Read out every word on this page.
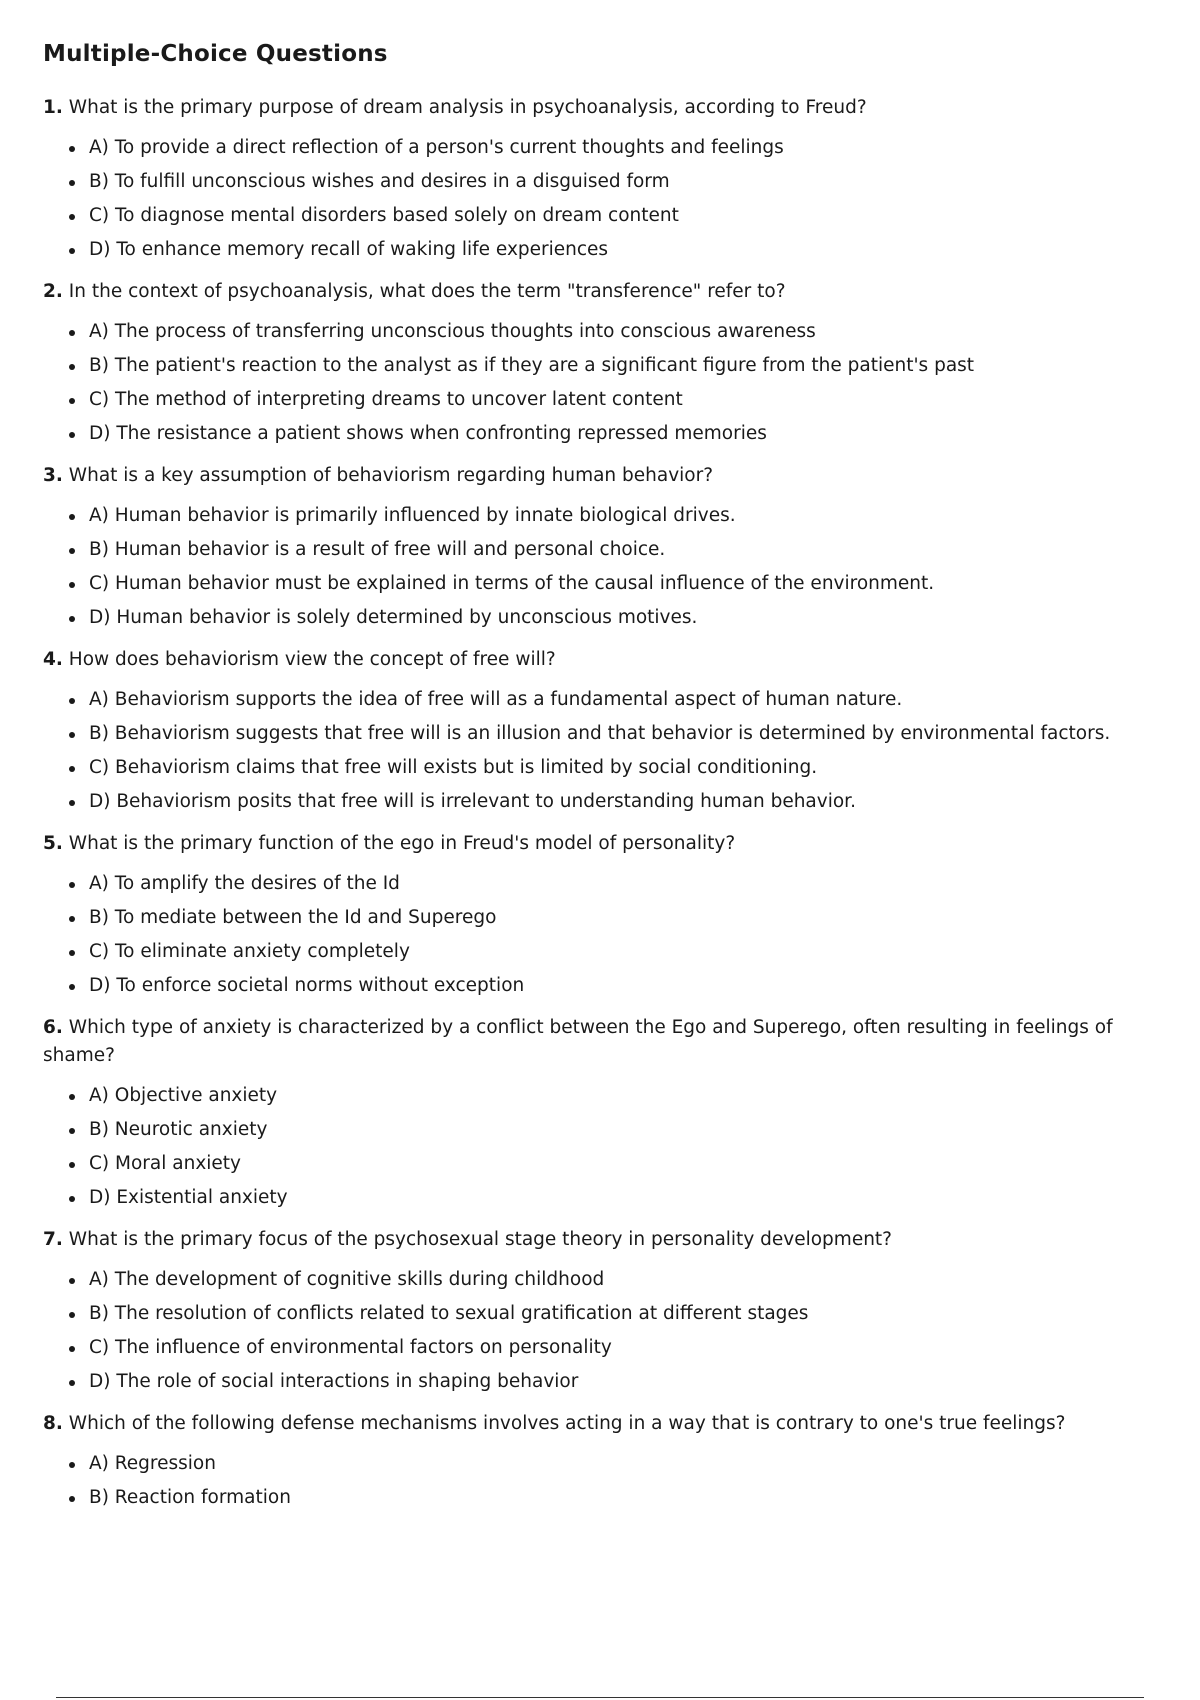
Multiple-Choice Questions

1. What is the primary purpose of dream analysis in psychoanalysis, according to Freud?

A) To provide a direct reflection of a person's current thoughts and feelings
B) To fulfill unconscious wishes and desires in a disguised form
C) To diagnose mental disorders based solely on dream content
D) To enhance memory recall of waking life experiences

2. In the context of psychoanalysis, what does the term "transference" refer to?

A) The process of transferring unconscious thoughts into conscious awareness
B) The patient's reaction to the analyst as if they are a significant figure from the patient's past
C) The method of interpreting dreams to uncover latent content
D) The resistance a patient shows when confronting repressed memories

3. What is a key assumption of behaviorism regarding human behavior?

A) Human behavior is primarily influenced by innate biological drives.
B) Human behavior is a result of free will and personal choice.
C) Human behavior must be explained in terms of the causal influence of the environment.
D) Human behavior is solely determined by unconscious motives.

4. How does behaviorism view the concept of free will?

A) Behaviorism supports the idea of free will as a fundamental aspect of human nature.
B) Behaviorism suggests that free will is an illusion and that behavior is determined by environmental factors.
C) Behaviorism claims that free will exists but is limited by social conditioning.
D) Behaviorism posits that free will is irrelevant to understanding human behavior.

5. What is the primary function of the ego in Freud's model of personality?

A) To amplify the desires of the Id
B) To mediate between the Id and Superego
C) To eliminate anxiety completely
D) To enforce societal norms without exception

6. Which type of anxiety is characterized by a conflict between the Ego and Superego, often resulting in feelings of shame?

A) Objective anxiety
B) Neurotic anxiety
C) Moral anxiety
D) Existential anxiety

7. What is the primary focus of the psychosexual stage theory in personality development?

A) The development of cognitive skills during childhood
B) The resolution of conflicts related to sexual gratification at different stages
C) The influence of environmental factors on personality
D) The role of social interactions in shaping behavior

8. Which of the following defense mechanisms involves acting in a way that is contrary to one's true feelings?

A) Regression
B) Reaction formation
